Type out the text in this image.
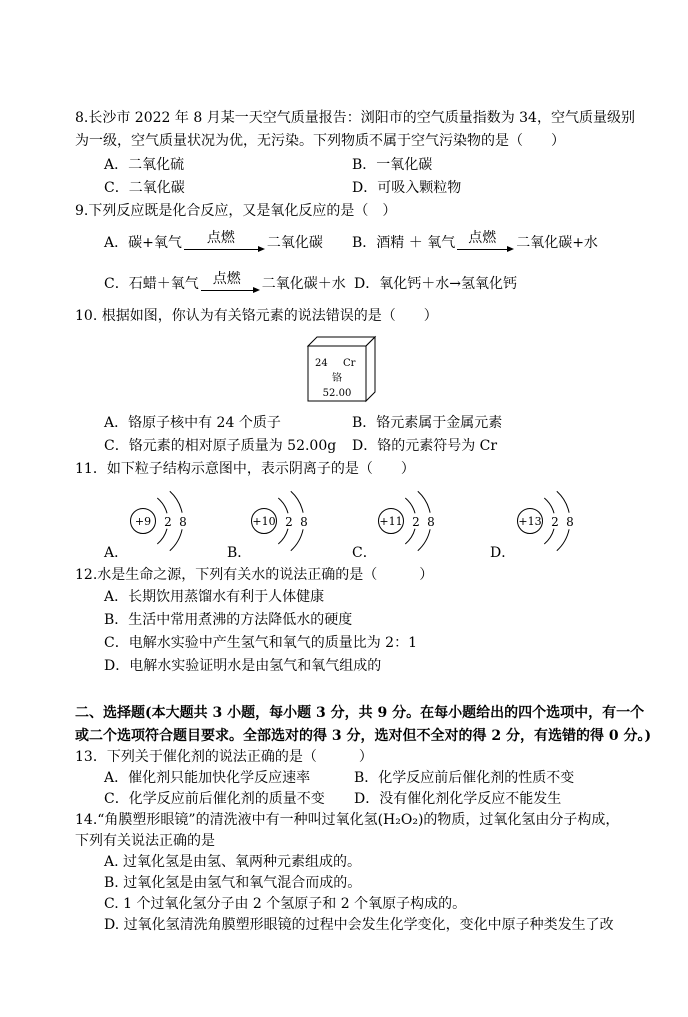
8.长沙市 2022 年 8 月某一天空气质量报告：浏阳市的空气质量指数为 34，空气质量级别
为一级，空气质量状况为优，无污染。下列物质不属于空气污染物的是（　　）
A．二氧化硫	B．一氧化碳
C．二氧化碳	D．可吸入颗粒物
9.下列反应既是化合反应，又是氧化反应的是（　）
A．碳+氧气	点燃	二氧化碳 B．酒精 ＋ 氧气 点燃	二氧化碳+水
C．石蜡＋氧气	点燃	二氧化碳＋水 D．氧化钙＋水→氢氧化钙
10. 根据如图，你认为有关铬元素的说法错误的是（　　）
24 Cr
铬
52.00
A．铬原子核中有 24 个质子	B．铬元素属于金属元素
C．铬元素的相对原子质量为 52.00g D．铬的元素符号为 Cr
11．如下粒子结构示意图中，表示阴离子的是（　　）
+9 2 8	+10 2 8	+11 2 8	+13 2 8
A．	B．	C．	D．
12.水是生命之源，下列有关水的说法正确的是（　　　）
A．长期饮用蒸馏水有利于人体健康
B．生活中常用煮沸的方法降低水的硬度
C．电解水实验中产生氢气和氧气的质量比为 2：1
D．电解水实验证明水是由氢气和氧气组成的
二、选择题(本大题共 3 小题，每小题 3 分，共 9 分。在每小题给出的四个选项中，有一个
或二个选项符合题目要求。全部选对的得 3 分，选对但不全对的得 2 分，有选错的得 0 分。)
13．下列关于催化剂的说法正确的是（　　　）
A．催化剂只能加快化学反应速率	B．化学反应前后催化剂的性质不变
C．化学反应前后催化剂的质量不变 D．没有催化剂化学反应不能发生
14.“角膜塑形眼镜”的清洗液中有一种叫过氧化氢(H₂O₂)的物质，过氧化氢由分子构成，
下列有关说法正确的是
A. 过氧化氢是由氢、氧两种元素组成的。
B. 过氧化氢是由氢气和氧气混合而成的。
C. 1 个过氧化氢分子由 2 个氢原子和 2 个氧原子构成的。
D. 过氧化氢清洗角膜塑形眼镜的过程中会发生化学变化，变化中原子种类发生了改
